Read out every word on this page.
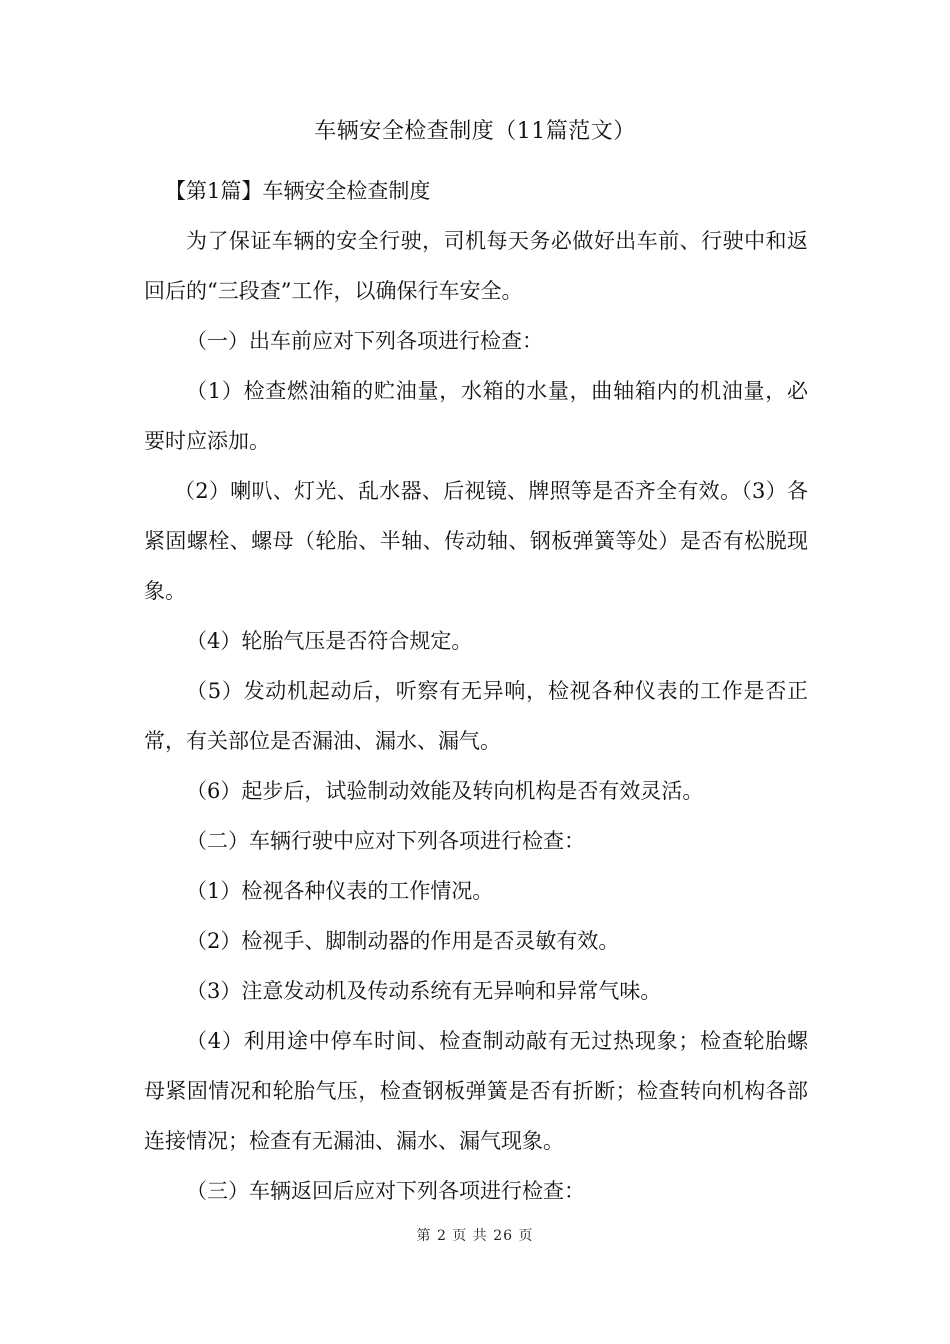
车辆安全检查制度（11篇范文）

【第1篇】车辆安全检查制度

为了保证车辆的安全行驶，司机每天务必做好出车前、行驶中和返回后的“三段查”工作，以确保行车安全。

（一）出车前应对下列各项进行检查：

（1）检查燃油箱的贮油量，水箱的水量，曲轴箱内的机油量，必要时应添加。

（2）喇叭、灯光、乱水器、后视镜、牌照等是否齐全有效。（3）各紧固螺栓、螺母（轮胎、半轴、传动轴、钢板弹簧等处）是否有松脱现象。

（4）轮胎气压是否符合规定。

（5）发动机起动后，听察有无异响，检视各种仪表的工作是否正常，有关部位是否漏油、漏水、漏气。

（6）起步后，试验制动效能及转向机构是否有效灵活。

（二）车辆行驶中应对下列各项进行检查：

（1）检视各种仪表的工作情况。

（2）检视手、脚制动器的作用是否灵敏有效。

（3）注意发动机及传动系统有无异响和异常气味。

（4）利用途中停车时间、检查制动敲有无过热现象；检查轮胎螺母紧固情况和轮胎气压，检查钢板弹簧是否有折断；检查转向机构各部连接情况；检查有无漏油、漏水、漏气现象。

（三）车辆返回后应对下列各项进行检查：

第 2 页 共 26 页
